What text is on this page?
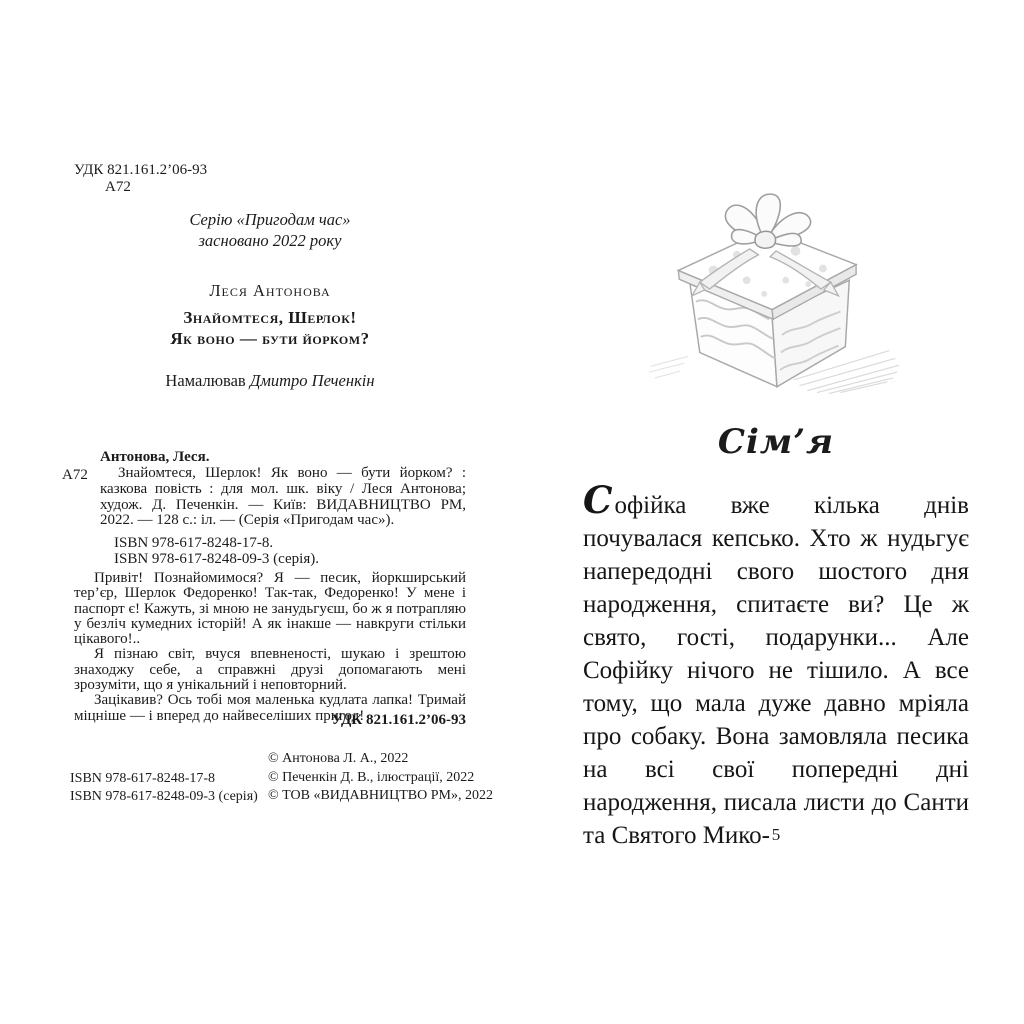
УДК 821.161.2’06-93
А72
Серію «Пригодам час»
засновано 2022 року
Леся Антонова
Знайомтеся, Шерлок!
Як воно — бути йорком?
Намалював Дмитро Печенкін
А72
Антонова, Леся.
Знайомтеся, Шерлок! Як воно — бути йорком? : казкова повість : для мол. шк. віку / Леся Антонова; худож. Д. Печенкін. — Київ: ВИДАВНИЦТВО РМ, 2022. — 128 с.: іл. — (Серія «Пригодам час»).
ISBN 978-617-8248-17-8.
ISBN 978-617-8248-09-3 (серія).

Привіт! Познайомимося? Я — песик, йоркширський тер’єр, Шерлок Федоренко! Так-так, Федоренко! У мене і паспорт є! Кажуть, зі мною не занудьгуєш, бо ж я потрапляю у безліч кумедних історій! А як інакше — навкруги стільки цікавого!..

Я пізнаю світ, вчуся впевненості, шукаю і зрештою знаходжу себе, а справжні друзі допомагають мені зрозуміти, що я унікальний і неповторний.

Зацікавив? Ось тобі моя маленька кудлата лапка! Тримай міцніше — і вперед до найвеселіших пригод!

УДК 821.161.2’06-93
ISBN 978-617-8248-17-8
ISBN 978-617-8248-09-3 (серія)
© Антонова Л. А., 2022
© Печенкін Д. В., ілюстрації, 2022
© ТОВ «ВИДАВНИЦТВО РМ», 2022
Сім’я
Софійка вже кілька днів почувалася кепсько. Хто ж нудьгує напередодні свого шостого дня народження, спитаєте ви? Це ж свято, гості, подарунки... Але Софійку нічого не тішило. А все тому, що мала дуже давно мріяла про собаку. Вона замовляла песика на всі свої попередні дні народження, писала листи до Санти та Святого Мико- 5
